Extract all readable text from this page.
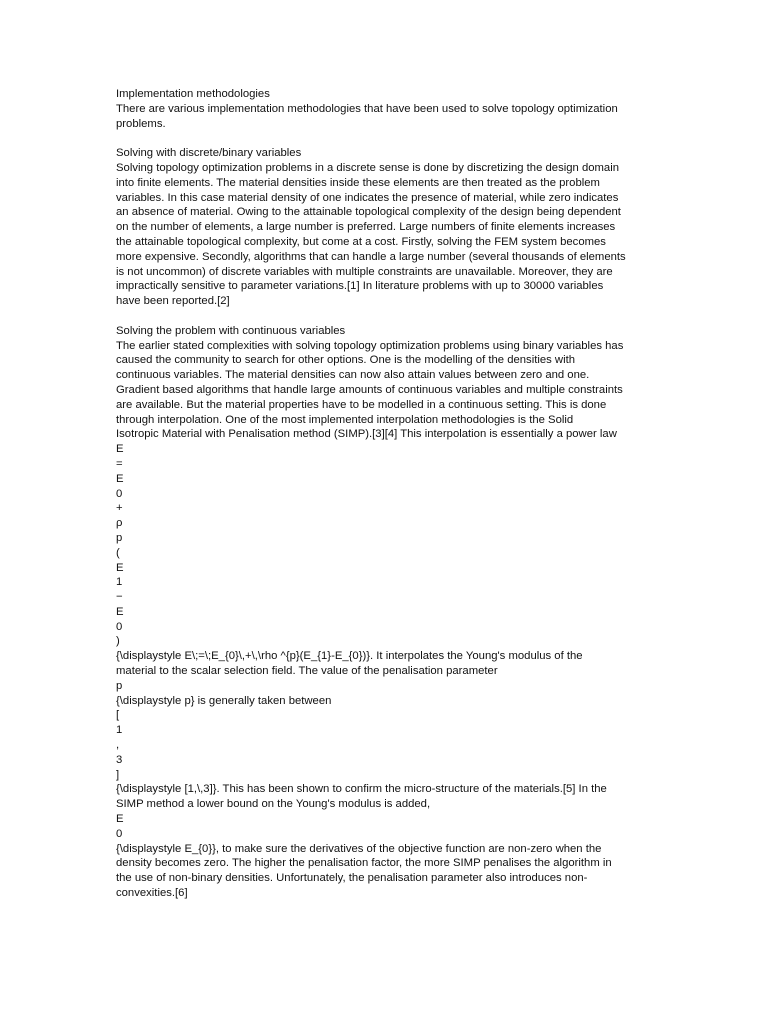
Implementation methodologies
There are various implementation methodologies that have been used to solve topology optimization
problems.
Solving with discrete/binary variables
Solving topology optimization problems in a discrete sense is done by discretizing the design domain
into finite elements. The material densities inside these elements are then treated as the problem
variables. In this case material density of one indicates the presence of material, while zero indicates
an absence of material. Owing to the attainable topological complexity of the design being dependent
on the number of elements, a large number is preferred. Large numbers of finite elements increases
the attainable topological complexity, but come at a cost. Firstly, solving the FEM system becomes
more expensive. Secondly, algorithms that can handle a large number (several thousands of elements
is not uncommon) of discrete variables with multiple constraints are unavailable. Moreover, they are
impractically sensitive to parameter variations.[1] In literature problems with up to 30000 variables
have been reported.[2]
Solving the problem with continuous variables
The earlier stated complexities with solving topology optimization problems using binary variables has
caused the community to search for other options. One is the modelling of the densities with
continuous variables. The material densities can now also attain values between zero and one.
Gradient based algorithms that handle large amounts of continuous variables and multiple constraints
are available. But the material properties have to be modelled in a continuous setting. This is done
through interpolation. One of the most implemented interpolation methodologies is the Solid
Isotropic Material with Penalisation method (SIMP).[3][4] This interpolation is essentially a power law
E
=
E
0
+
ρ
p
(
E
1
−
E
0
)
{\displaystyle E\;=\;E_{0}\,+\,\rho ^{p}(E_{1}-E_{0})}. It interpolates the Young's modulus of the
material to the scalar selection field. The value of the penalisation parameter
p
{\displaystyle p} is generally taken between
[
1
,
3
]
{\displaystyle [1,\,3]}. This has been shown to confirm the micro-structure of the materials.[5] In the
SIMP method a lower bound on the Young's modulus is added,
E
0
{\displaystyle E_{0}}, to make sure the derivatives of the objective function are non-zero when the
density becomes zero. The higher the penalisation factor, the more SIMP penalises the algorithm in
the use of non-binary densities. Unfortunately, the penalisation parameter also introduces non-
convexities.[6]
